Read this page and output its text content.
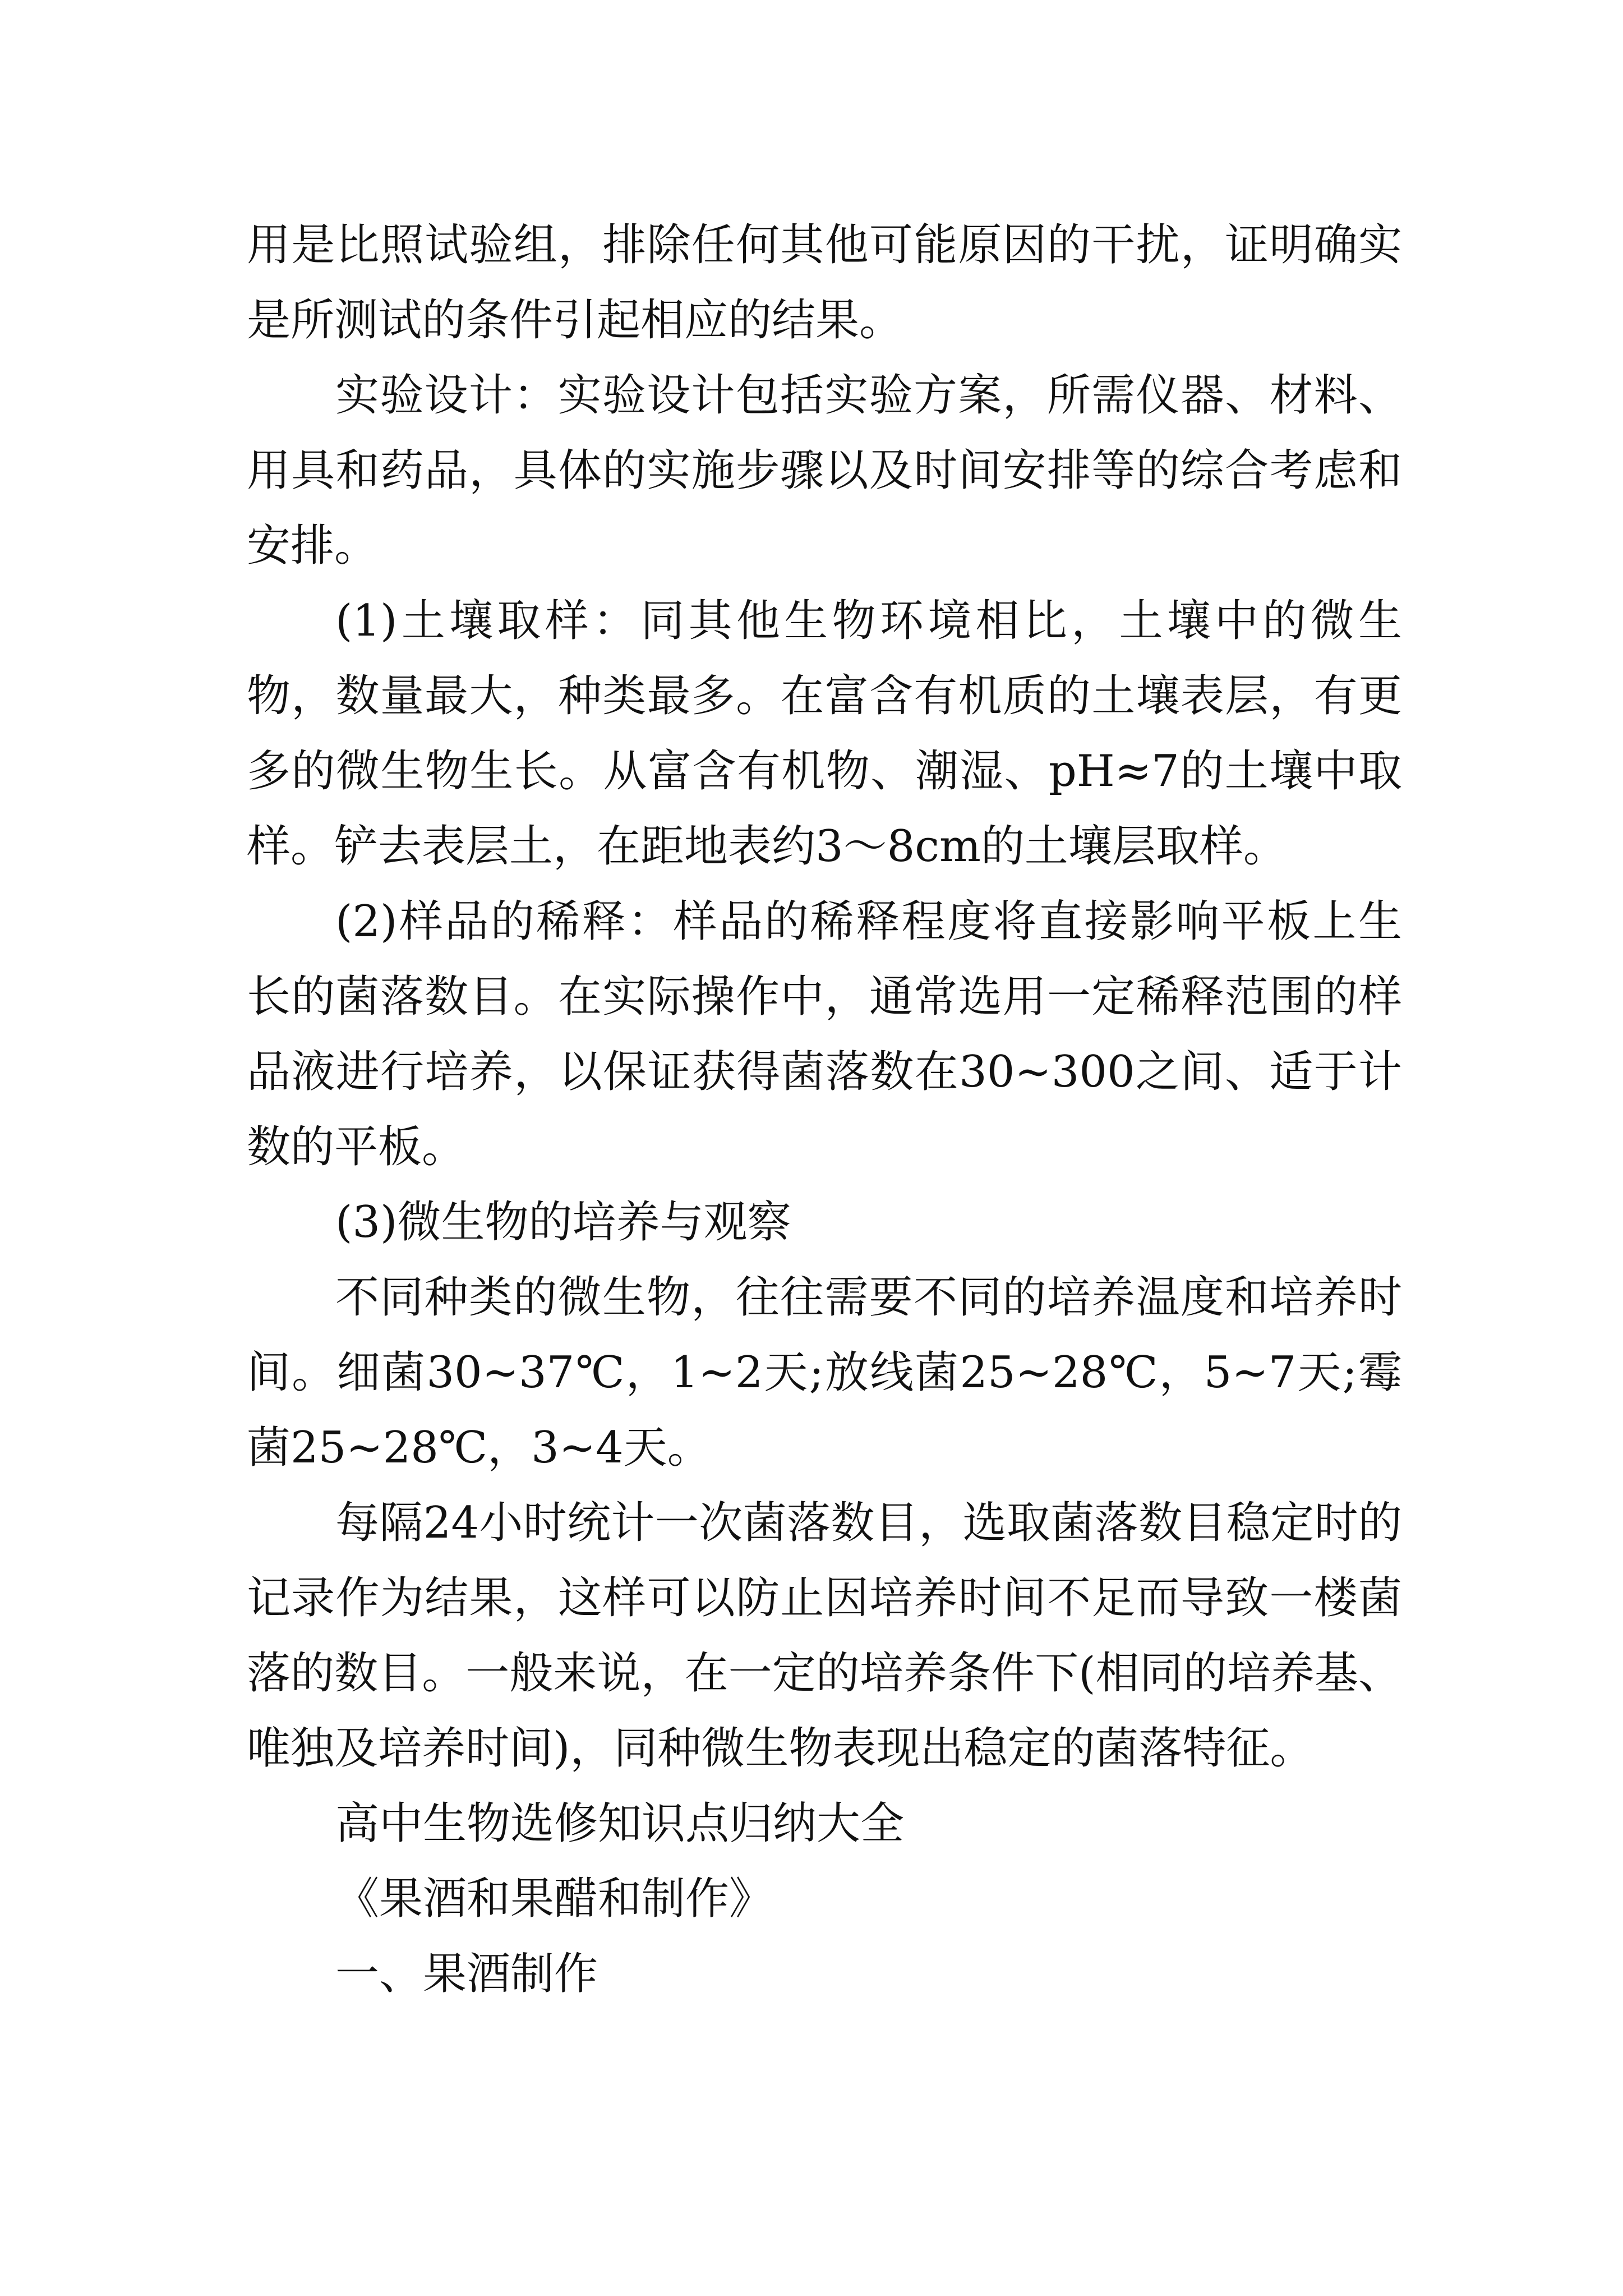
用是比照试验组，排除任何其他可能原因的干扰，证明确实是所测试的条件引起相应的结果。

实验设计：实验设计包括实验方案，所需仪器、材料、用具和药品，具体的实施步骤以及时间安排等的综合考虑和安排。

(1)土壤取样：同其他生物环境相比，土壤中的微生物，数量最大，种类最多。在富含有机质的土壤表层，有更多的微生物生长。从富含有机物、潮湿、pH≈7的土壤中取样。铲去表层土，在距地表约3～8cm的土壤层取样。

(2)样品的稀释：样品的稀释程度将直接影响平板上生长的菌落数目。在实际操作中，通常选用一定稀释范围的样品液进行培养，以保证获得菌落数在30~300之间、适于计数的平板。

(3)微生物的培养与观察

不同种类的微生物，往往需要不同的培养温度和培养时间。细菌30~37℃，1~2天;放线菌25~28℃，5~7天;霉菌25~28℃，3~4天。

每隔24小时统计一次菌落数目，选取菌落数目稳定时的记录作为结果，这样可以防止因培养时间不足而导致一楼菌落的数目。一般来说，在一定的培养条件下(相同的培养基、唯独及培养时间)，同种微生物表现出稳定的菌落特征。

高中生物选修知识点归纳大全

《果酒和果醋和制作》

一、果酒制作
